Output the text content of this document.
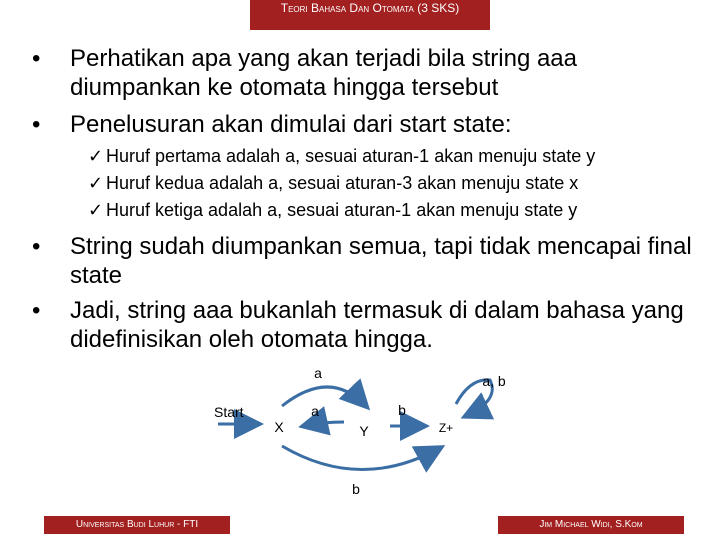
Teori Bahasa Dan Otomata (3 SKS)
• Perhatikan apa yang akan terjadi bila string aaa diumpankan ke otomata hingga tersebut
• Penelusuran akan dimulai dari start state:
✓ Huruf pertama adalah a, sesuai aturan-1 akan menuju state y
✓ Huruf kedua adalah a, sesuai aturan-3 akan menuju state x
✓ Huruf ketiga adalah a, sesuai aturan-1 akan menuju state y
• String sudah diumpankan semua, tapi tidak mencapai final state
• Jadi, string aaa bukanlah termasuk di dalam bahasa yang didefinisikan oleh otomata hingga.
Start
a
a	b
b
a, b
X	Y	Z+
Universitas Budi Luhur - FTI	Jim Michael Widi, S.Kom
